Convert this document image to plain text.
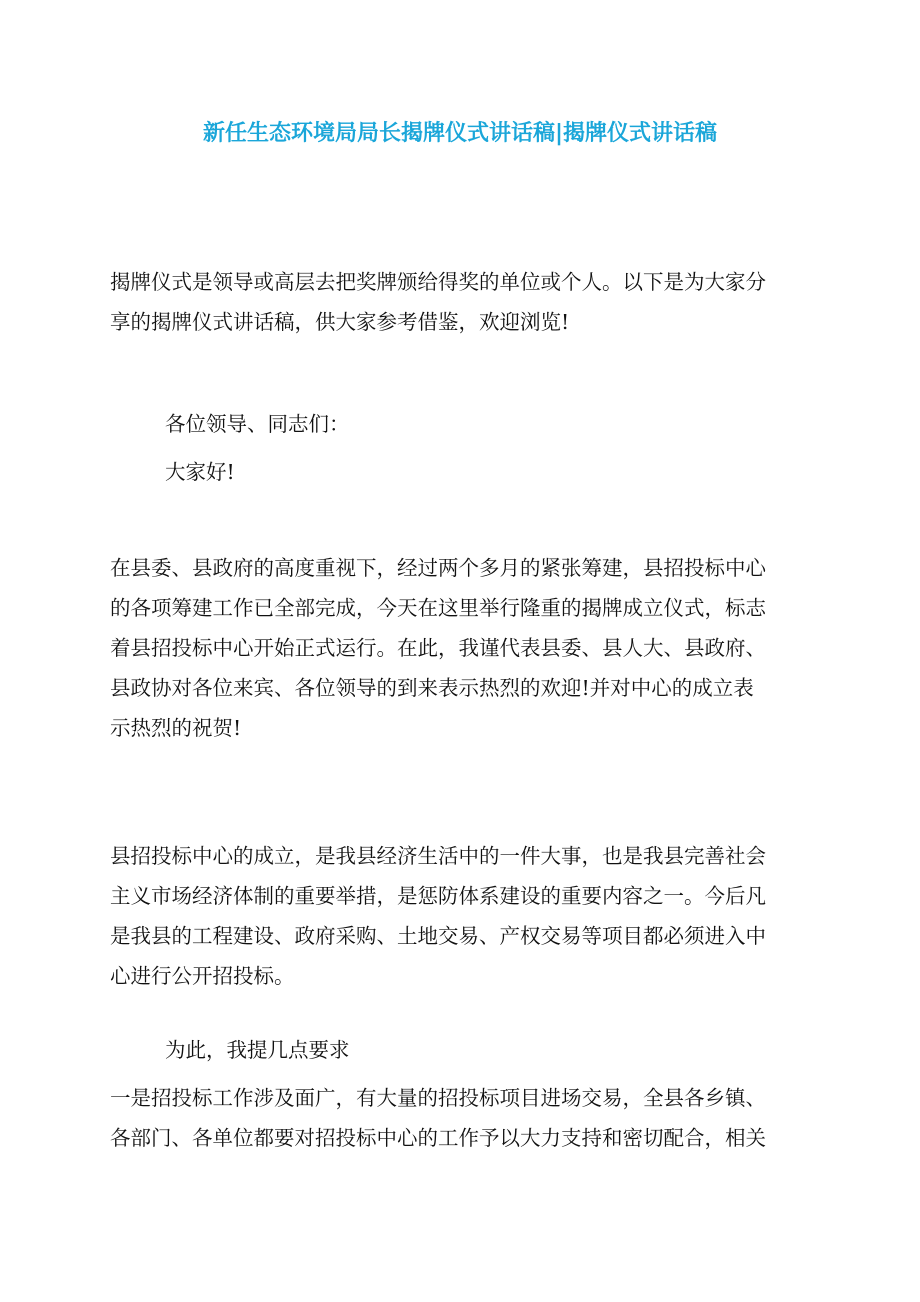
新任生态环境局局长揭牌仪式讲话稿|揭牌仪式讲话稿

揭牌仪式是领导或高层去把奖牌颁给得奖的单位或个人。以下是为大家分
享的揭牌仪式讲话稿，供大家参考借鉴，欢迎浏览!

各位领导、同志们：

大家好!

在县委、县政府的高度重视下，经过两个多月的紧张筹建，县招投标中心
的各项筹建工作已全部完成，今天在这里举行隆重的揭牌成立仪式，标志
着县招投标中心开始正式运行。在此，我谨代表县委、县人大、县政府、
县政协对各位来宾、各位领导的到来表示热烈的欢迎!并对中心的成立表
示热烈的祝贺!

县招投标中心的成立，是我县经济生活中的一件大事，也是我县完善社会
主义市场经济体制的重要举措，是惩防体系建设的重要内容之一。今后凡
是我县的工程建设、政府采购、土地交易、产权交易等项目都必须进入中
心进行公开招投标。

为此，我提几点要求

一是招投标工作涉及面广，有大量的招投标项目进场交易，全县各乡镇、
各部门、各单位都要对招投标中心的工作予以大力支持和密切配合，相关
